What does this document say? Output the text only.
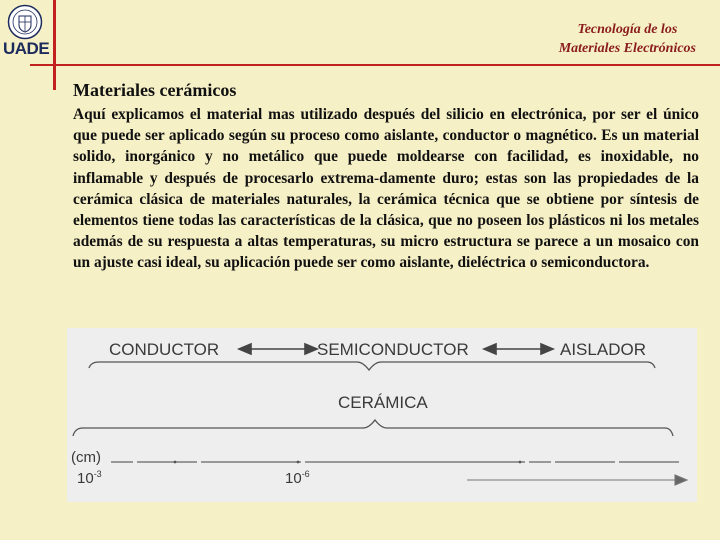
UADE
Tecnología de los
Materiales Electrónicos
Materiales cerámicos

Aquí explicamos el material mas utilizado después del silicio en electrónica, por ser el único que puede ser aplicado según su proceso como aislante, conductor o magnético. Es un material solido, inorgánico y no metálico que puede moldearse con facilidad, es inoxidable, no inflamable y después de procesarlo extrema-damente duro; estas son las propiedades de la cerámica clásica de materiales naturales, la cerámica técnica que se obtiene por síntesis de elementos tiene todas las características de la clásica, que no poseen los plásticos ni los metales además de su respuesta a altas temperaturas, su micro estructura se parece a un mosaico con un ajuste casi ideal, su aplicación puede ser como aislante, dieléctrica o semiconductora.

CONDUCTOR	SEMICONDUCTOR	AISLADOR
CERÁMICA
(cm)
$10^{-3}$	$10^{-6}$
